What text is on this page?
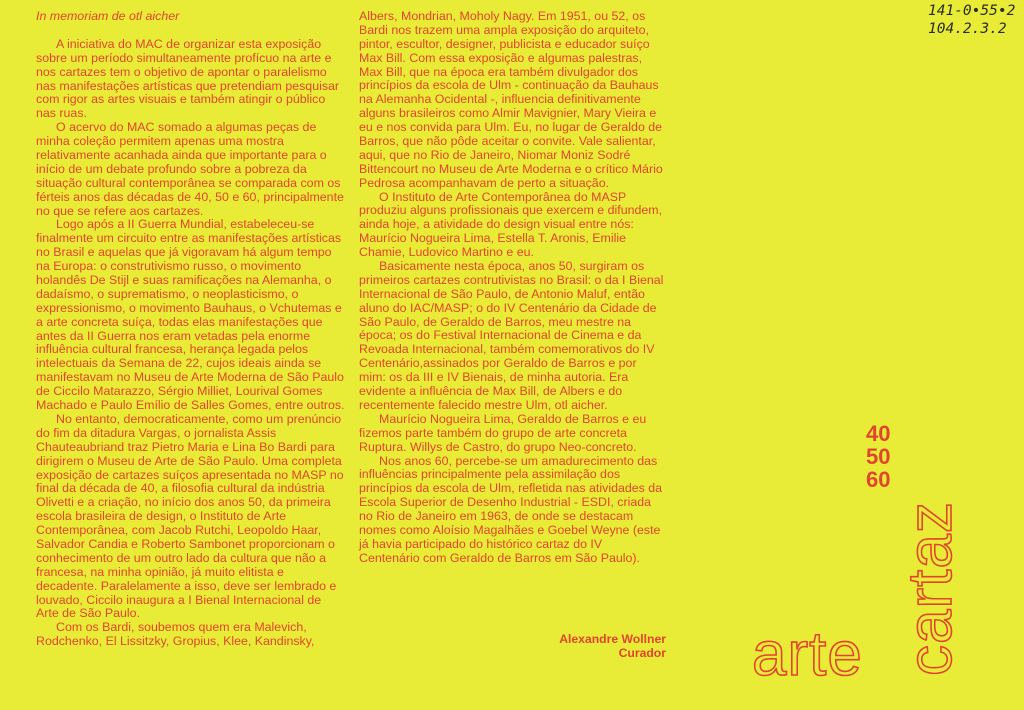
141-0•55•2
104.2.3.2
In memoriam de otl aicher

A iniciativa do MAC de organizar esta exposição sobre um período simultaneamente profícuo na arte e nos cartazes tem o objetivo de apontar o paralelismo nas manifestações artísticas que pretendiam pesquisar com rigor as artes visuais e também atingir o público nas ruas.

O acervo do MAC somado a algumas peças de minha coleção permitem apenas uma mostra relativamente acanhada ainda que importante para o início de um debate profundo sobre a pobreza da situação cultural contemporânea se comparada com os férteis anos das décadas de 40, 50 e 60, principalmente no que se refere aos cartazes.

Logo após a II Guerra Mundial, estabeleceu-se finalmente um circuito entre as manifestações artísticas no Brasil e aquelas que já vigoravam há algum tempo na Europa: o construtivismo russo, o movimento holandês De Stijl e suas ramificações na Alemanha, o dadaísmo, o suprematismo, o neoplasticismo, o expressionismo, o movimento Bauhaus, o Vchutemas e a arte concreta suíça, todas elas manifestações que antes da II Guerra nos eram vetadas pela enorme influência cultural francesa, herança legada pelos intelectuais da Semana de 22, cujos ideais ainda se manifestavam no Museu de Arte Moderna de São Paulo de Ciccilo Matarazzo, Sérgio Milliet, Lourival Gomes Machado e Paulo Emílio de Salles Gomes, entre outros.

No entanto, democraticamente, como um prenúncio do fim da ditadura Vargas, o jornalista Assis Chauteaubriand traz Pietro Maria e Lina Bo Bardi para dirigirem o Museu de Arte de São Paulo. Uma completa exposição de cartazes suíços apresentada no MASP no final da década de 40, a filosofia cultural da indústria Olivetti e a criação, no início dos anos 50, da primeira escola brasileira de design, o Instituto de Arte Contemporânea, com Jacob Rutchi, Leopoldo Haar, Salvador Candia e Roberto Sambonet proporcionam o conhecimento de um outro lado da cultura que não a francesa, na minha opinião, já muito elitista e decadente. Paralelamente a isso, deve ser lembrado e louvado, Ciccilo inaugura a I Bienal Internacional de Arte de São Paulo.

Com os Bardi, soubemos quem era Malevich, Rodchenko, El Lissitzky, Gropius, Klee, Kandinsky,

Albers, Mondrian, Moholy Nagy. Em 1951, ou 52, os Bardi nos trazem uma ampla exposição do arquiteto, pintor, escultor, designer, publicista e educador suíço Max Bill. Com essa exposição e algumas palestras, Max Bill, que na época era também divulgador dos princípios da escola de Ulm - continuação da Bauhaus na Alemanha Ocidental -, influencia definitivamente alguns brasileiros como Almir Mavignier, Mary Vieira e eu e nos convida para Ulm. Eu, no lugar de Geraldo de Barros, que não pôde aceitar o convite. Vale salientar, aqui, que no Rio de Janeiro, Niomar Moniz Sodré Bittencourt no Museu de Arte Moderna e o crítico Mário Pedrosa acompanhavam de perto a situação.

O Instituto de Arte Contemporânea do MASP produziu alguns profissionais que exercem e difundem, ainda hoje, a atividade do design visual entre nós: Maurício Nogueira Lima, Estella T. Aronis, Emilie Chamie, Ludovico Martino e eu.

Basicamente nesta época, anos 50, surgiram os primeiros cartazes contrutivistas no Brasil: o da I Bienal Internacional de São Paulo, de Antonio Maluf, então aluno do IAC/MASP; o do IV Centenário da Cidade de São Paulo, de Geraldo de Barros, meu mestre na época; os do Festival Internacional de Cinema e da Revoada Internacional, também comemorativos do IV Centenário,assinados por Geraldo de Barros e por mim: os da III e IV Bienais, de minha autoria. Era evidente a influência de Max Bill, de Albers e do recentemente falecido mestre Ulm, otl aicher.

Maurício Nogueira Lima, Geraldo de Barros e eu fizemos parte também do grupo de arte concreta Ruptura. Willys de Castro, do grupo Neo-concreto.

Nos anos 60, percebe-se um amadurecimento das influências principalmente pela assimilação dos princípios da escola de Ulm, refletida nas atividades da Escola Superior de Desenho Industrial - ESDI, criada no Rio de Janeiro em 1963, de onde se destacam nomes como Aloísio Magalhães e Goebel Weyne (este já havia participado do histórico cartaz do IV Centenário com Geraldo de Barros em São Paulo).

Alexandre Wollner
Curador
40
50
60
arte cartaz
